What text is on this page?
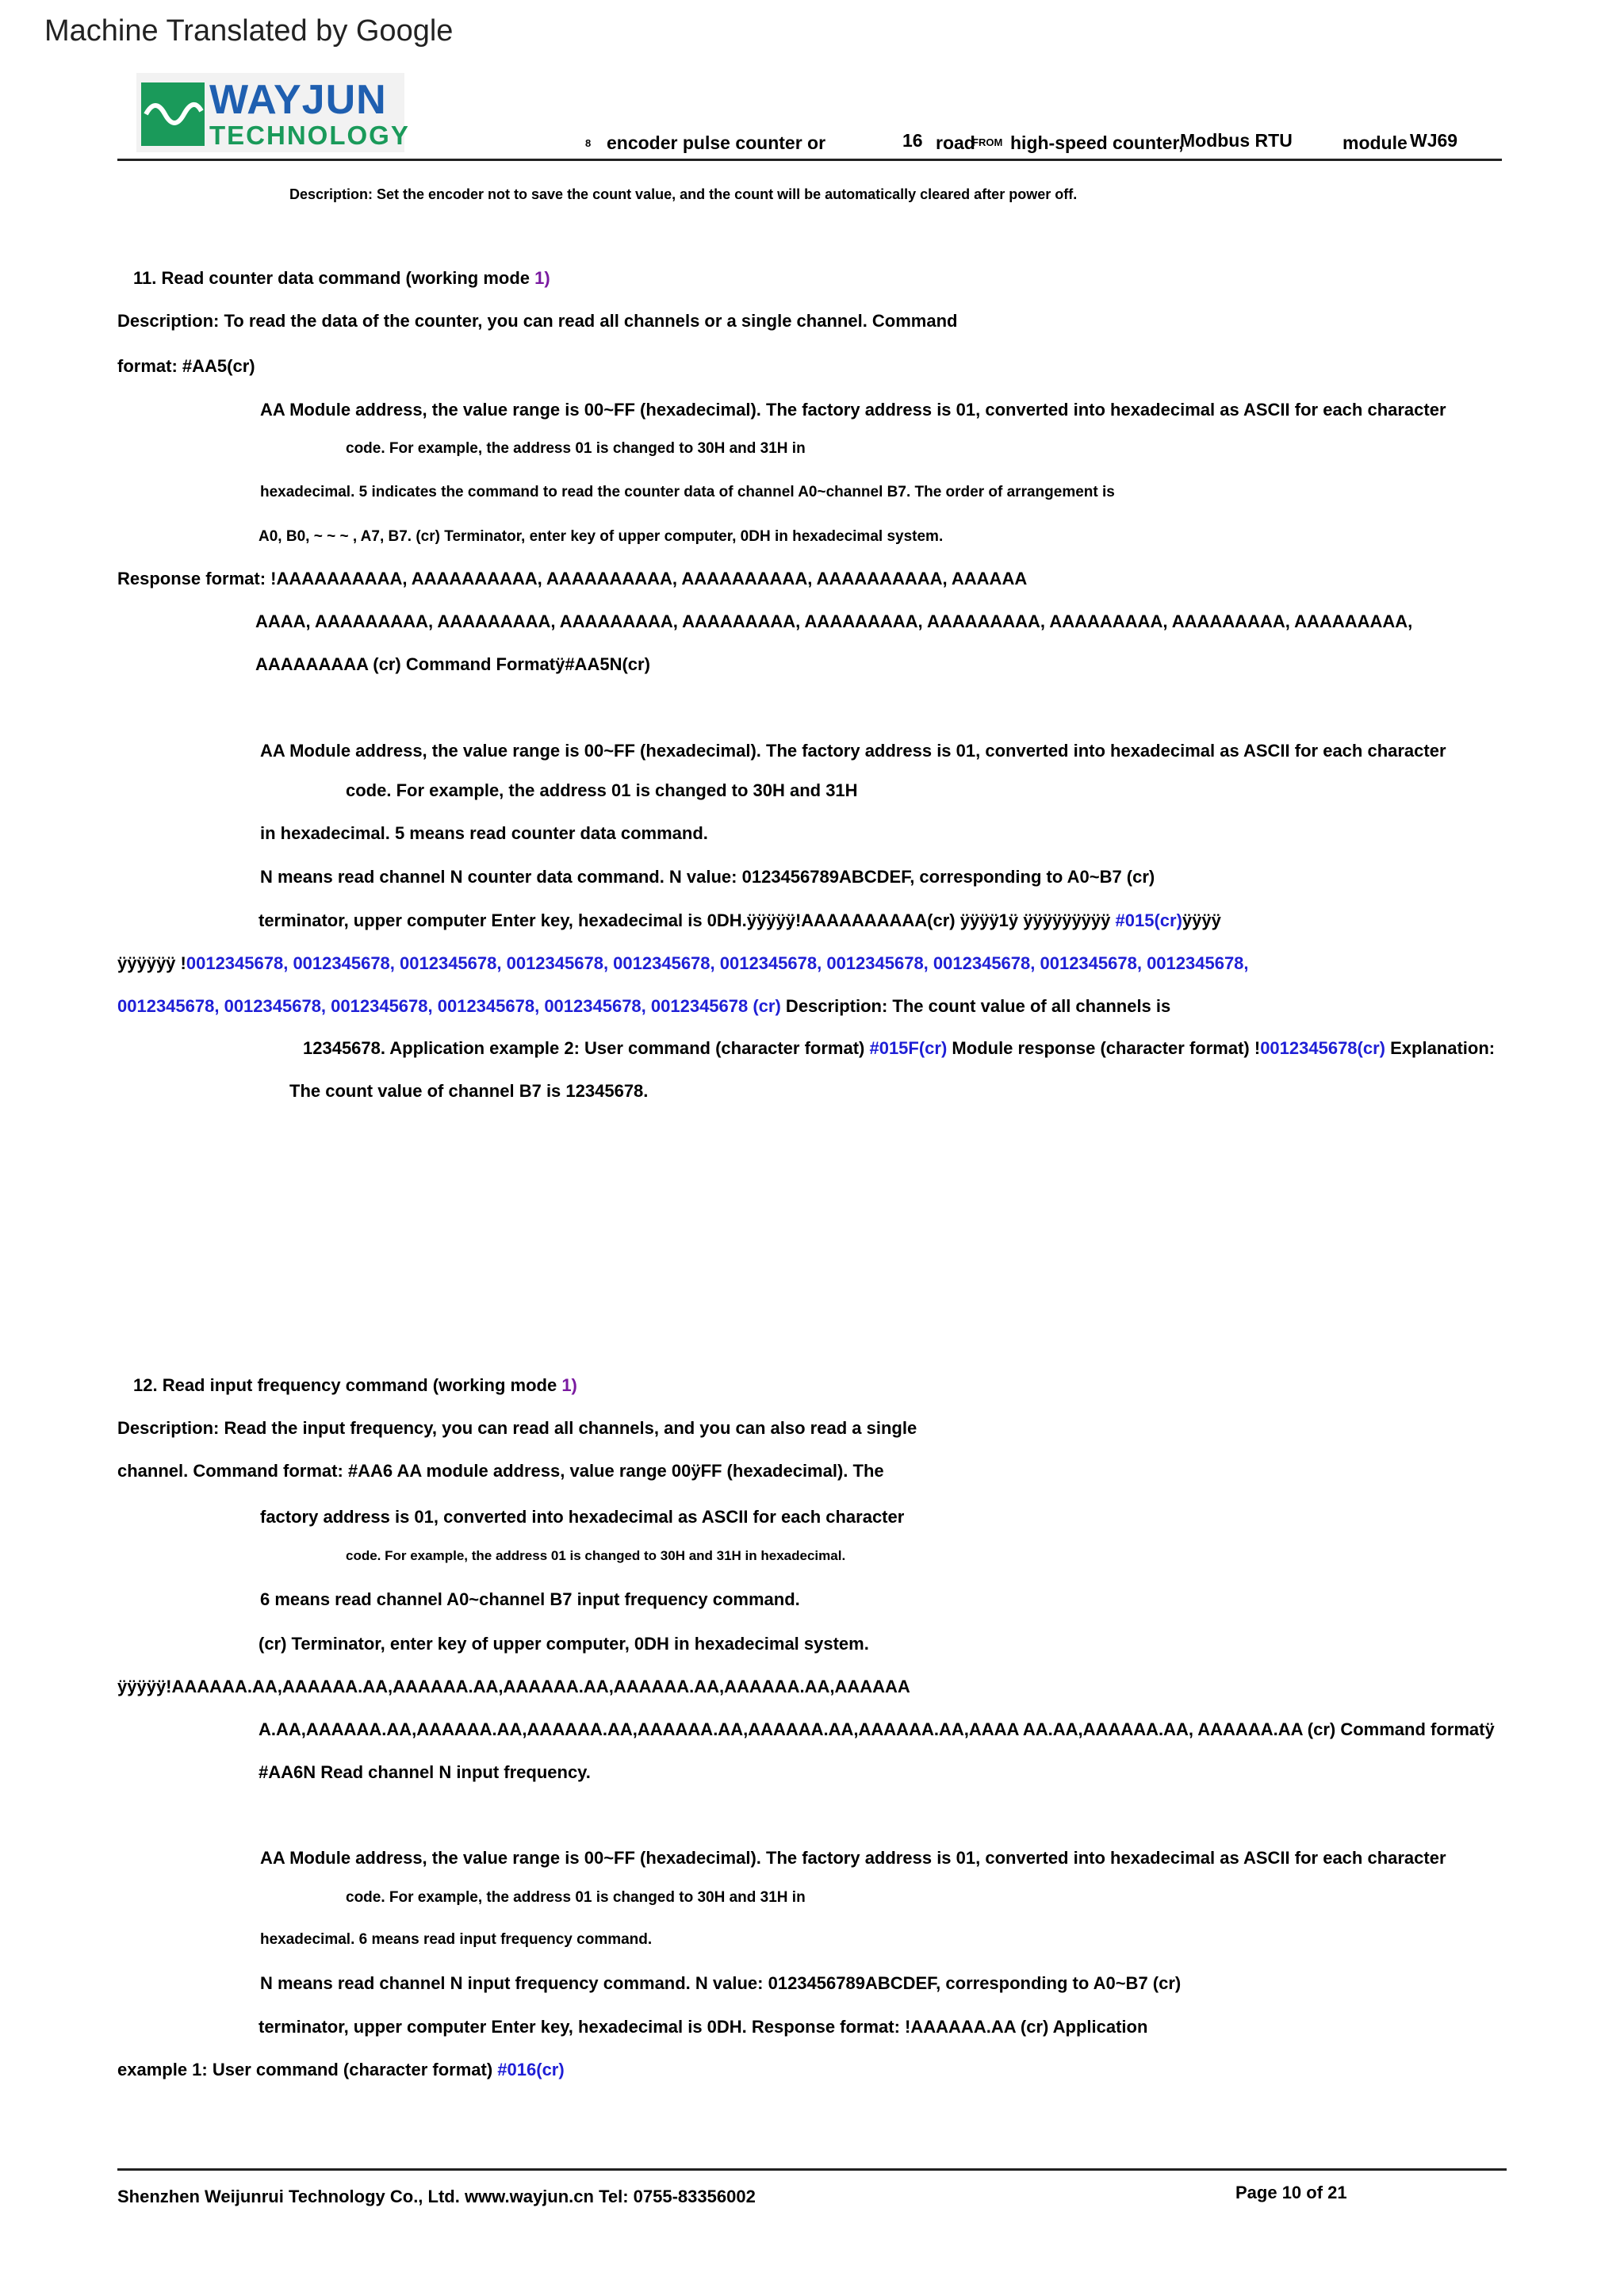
Machine Translated by Google
WAYJUN
TECHNOLOGY	8 encoder pulse counter or	16 road
FROM high-speed counter,
Modbus RTU	module WJ69
Description: Set the encoder not to save the count value, and the count will be automatically cleared after power off.
11. Read counter data command (working mode 1)
Description: To read the data of the counter, you can read all channels or a single channel. Command
format: #AA5(cr)
AA Module address, the value range is 00~FF (hexadecimal). The factory address is 01, converted into hexadecimal as ASCII for each character
code. For example, the address 01 is changed to 30H and 31H in
hexadecimal. 5 indicates the command to read the counter data of channel A0~channel B7. The order of arrangement is
A0, B0, ~ ~ ~ , A7, B7. (cr) Terminator, enter key of upper computer, 0DH in hexadecimal system.
Response format: !AAAAAAAAAA, AAAAAAAAAA, AAAAAAAAAA, AAAAAAAAAA, AAAAAAAAAA, AAAAAA
AAAA, AAAAAAAAA, AAAAAAAAA, AAAAAAAAA, AAAAAAAAA, AAAAAAAAA, AAAAAAAAA, AAAAAAAAA, AAAAAAAAA, AAAAAAAAA,
AAAAAAAAA (cr) Command Formatÿ#AA5N(cr)
AA Module address, the value range is 00~FF (hexadecimal). The factory address is 01, converted into hexadecimal as ASCII for each character
code. For example, the address 01 is changed to 30H and 31H
in hexadecimal. 5 means read counter data command.
N means read channel N counter data command. N value: 0123456789ABCDEF, corresponding to A0~B7 (cr)
terminator, upper computer Enter key, hexadecimal is 0DH.ÿÿÿÿÿ!AAAAAAAAAA(cr) ÿÿÿÿ1ÿ ÿÿÿÿÿÿÿÿÿ #015(cr)ÿÿÿÿ
ÿÿÿÿÿÿ !0012345678, 0012345678, 0012345678, 0012345678, 0012345678, 0012345678, 0012345678, 0012345678, 0012345678, 0012345678,
0012345678, 0012345678, 0012345678, 0012345678, 0012345678, 0012345678 (cr) Description: The count value of all channels is
12345678. Application example 2: User command (character format) #015F(cr) Module response (character format) !0012345678(cr) Explanation:
The count value of channel B7 is 12345678.
12. Read input frequency command (working mode 1)
Description: Read the input frequency, you can read all channels, and you can also read a single
channel. Command format: #AA6 AA module address, value range 00ÿFF (hexadecimal). The
factory address is 01, converted into hexadecimal as ASCII for each character
code. For example, the address 01 is changed to 30H and 31H in hexadecimal.
6 means read channel A0~channel B7 input frequency command.
(cr) Terminator, enter key of upper computer, 0DH in hexadecimal system.
ÿÿÿÿÿ!AAAAAA.AA,AAAAAA.AA,AAAAAA.AA,AAAAAA.AA,AAAAAA.AA,AAAAAA.AA,AAAAAA
A.AA,AAAAAA.AA,AAAAAA.AA,AAAAAA.AA,AAAAAA.AA,AAAAAA.AA,AAAAAA.AA,AAAA AA.AA,AAAAAA.AA, AAAAAA.AA (cr) Command formatÿ
#AA6N Read channel N input frequency.
AA Module address, the value range is 00~FF (hexadecimal). The factory address is 01, converted into hexadecimal as ASCII for each character
code. For example, the address 01 is changed to 30H and 31H in
hexadecimal. 6 means read input frequency command.
N means read channel N input frequency command. N value: 0123456789ABCDEF, corresponding to A0~B7 (cr)
terminator, upper computer Enter key, hexadecimal is 0DH. Response format: !AAAAAA.AA (cr) Application
example 1: User command (character format) #016(cr)
Shenzhen Weijunrui Technology Co., Ltd. www.wayjun.cn Tel: 0755-83356002	Page 10 of 21
